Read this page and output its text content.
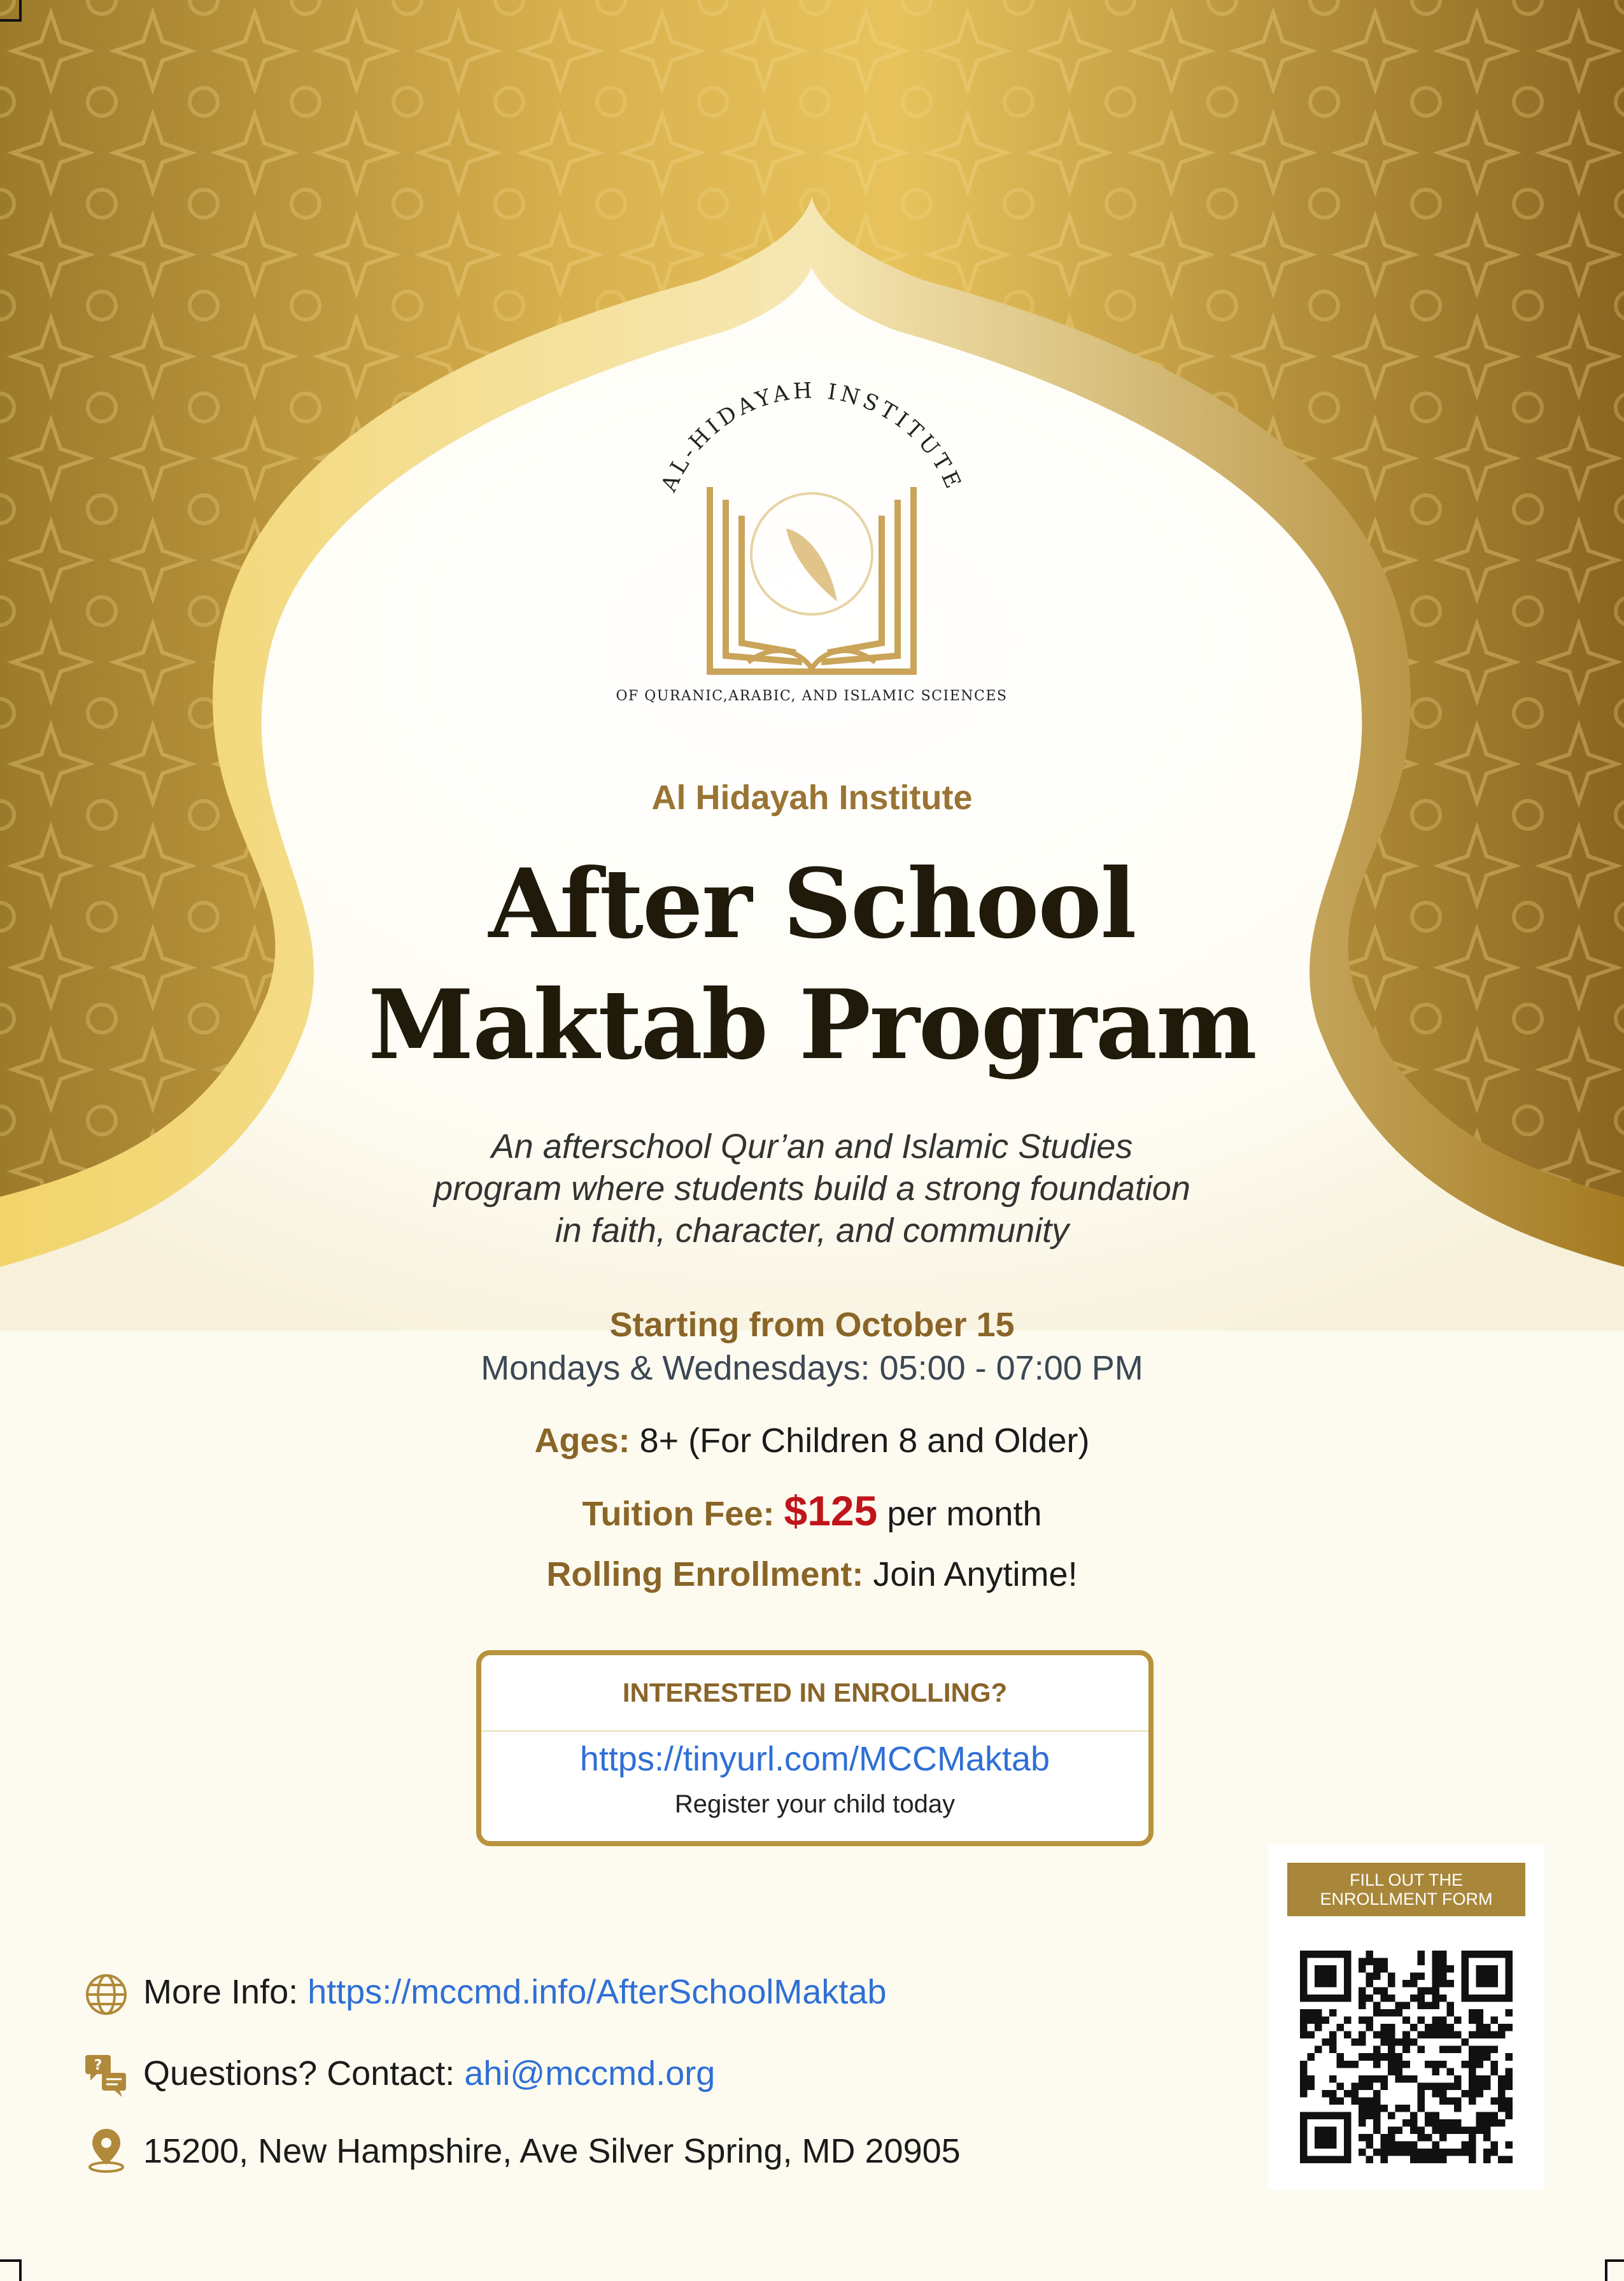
AL-HIDAYAH INSTITUTE
OF QURANIC,ARABIC, AND ISLAMIC SCIENCES
Al Hidayah Institute
After School
Maktab Program
An afterschool Qur’an and Islamic Studies
program where students build a strong foundation
in faith, character, and community
Starting from October 15
Mondays & Wednesdays: 05:00 - 07:00 PM
Ages: 8+ (For Children 8 and Older)
Tuition Fee: $125 per month
Rolling Enrollment: Join Anytime!
INTERESTED IN ENROLLING?
https://tinyurl.com/MCCMaktab
Register your child today
More Info: https://mccmd.info/AfterSchoolMaktab
? Questions? Contact: ahi@mccmd.org
15200, New Hampshire, Ave Silver Spring, MD 20905
FILL OUT THE
ENROLLMENT FORM
